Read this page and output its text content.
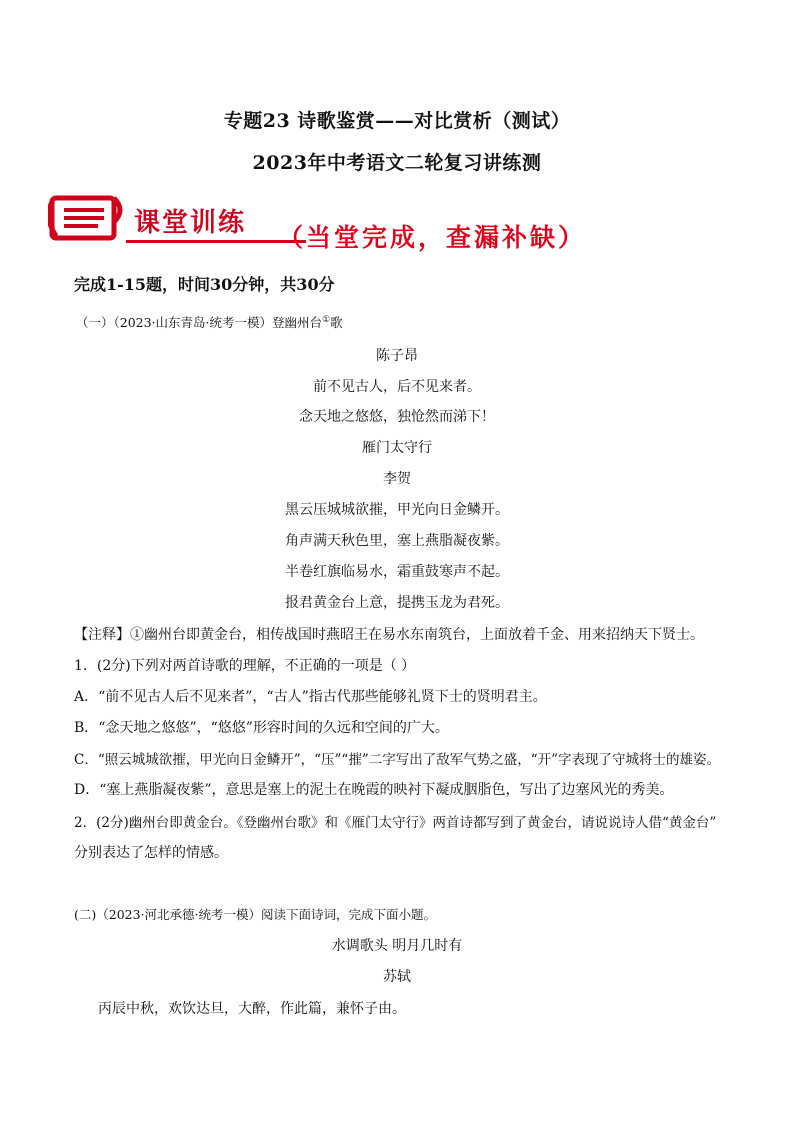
专题23 诗歌鉴赏——对比赏析（测试）
2023年中考语文二轮复习讲练测
课堂训练 （当堂完成，查漏补缺）
完成1-15题，时间30分钟，共30分
（一）（2023·山东青岛·统考一模）登幽州台①歌
陈子昂
前不见古人，后不见来者。
念天地之悠悠，独怆然而涕下！
雁门太守行
李贺
黑云压城城欲摧，甲光向日金鳞开。
角声满天秋色里，塞上燕脂凝夜紫。
半卷红旗临易水，霜重鼓寒声不起。
报君黄金台上意，提携玉龙为君死。
【注释】①幽州台即黄金台，相传战国时燕昭王在易水东南筑台，上面放着千金、用来招纳天下贤士。
1．(2分)下列对两首诗歌的理解，不正确的一项是（ ）
A．“前不见古人后不见来者”，“古人”指古代那些能够礼贤下士的贤明君主。
B．“念天地之悠悠”，“悠悠”形容时间的久远和空间的广大。
C．“照云城城欲摧，甲光向日金鳞开”，“压”“摧”二字写出了敌军气势之盛，“开”字表现了守城将士的雄姿。
D．“塞上燕脂凝夜紫”，意思是塞上的泥土在晚霞的映衬下凝成胭脂色，写出了边塞风光的秀美。
2．(2分)幽州台即黄金台。《登幽州台歌》和《雁门太守行》两首诗都写到了黄金台，请说说诗人借“黄金台”
分别表达了怎样的情感。
(二)（2023·河北承德·统考一模）阅读下面诗词，完成下面小题。
水调歌头 明月几时有
苏轼
丙辰中秋，欢饮达旦，大醉，作此篇，兼怀子由。
